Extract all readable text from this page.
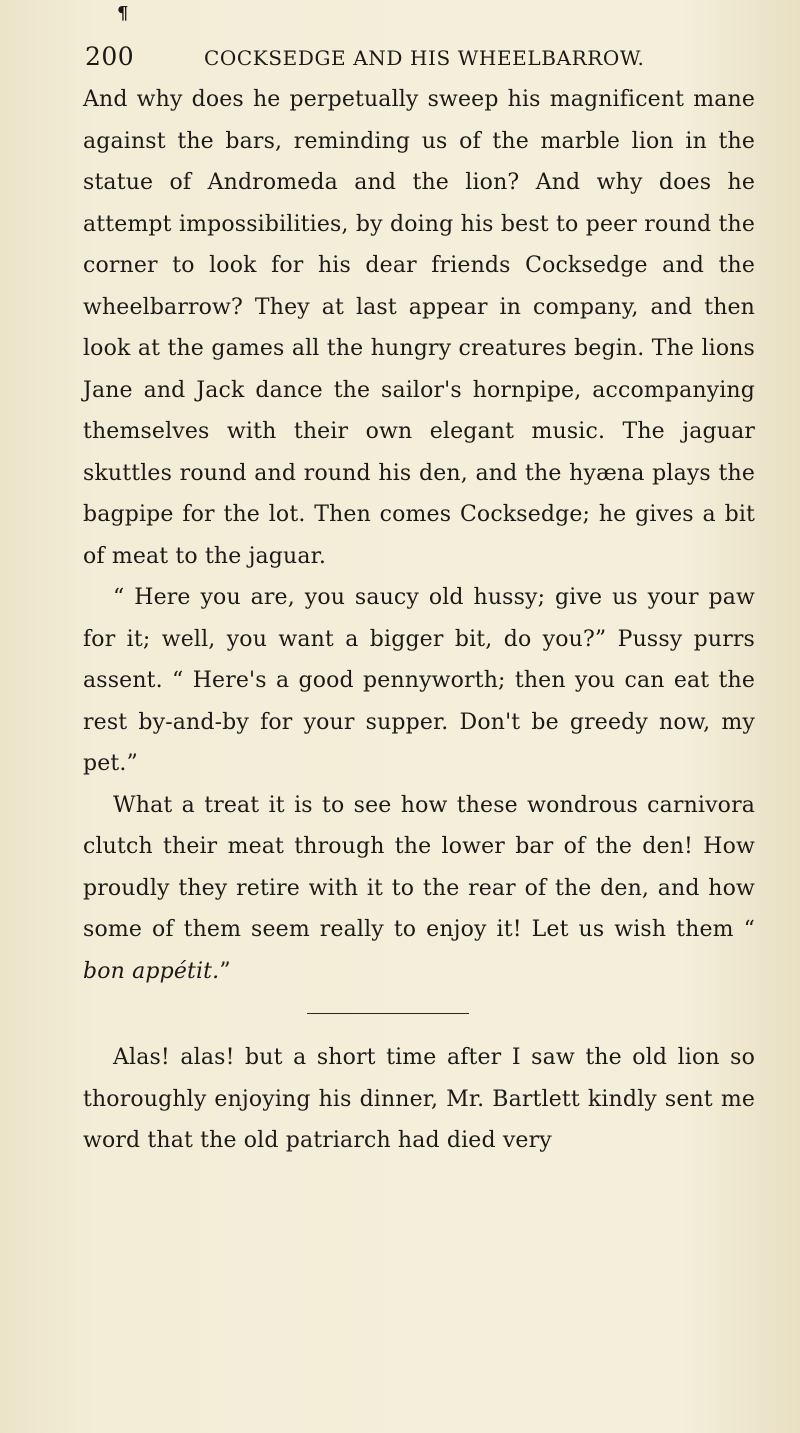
¶
200	COCKSEDGE AND HIS WHEELBARROW.

And why does he perpetually sweep his magnificent mane against the bars, reminding us of the marble lion in the statue of Andromeda and the lion? And why does he attempt impossibilities, by doing his best to peer round the corner to look for his dear friends Cocksedge and the wheelbarrow? They at last appear in company, and then look at the games all the hungry creatures begin. The lions Jane and Jack dance the sailor's hornpipe, accompanying themselves with their own elegant music. The jaguar skuttles round and round his den, and the hyæna plays the bagpipe for the lot. Then comes Cocksedge; he gives a bit of meat to the jaguar.

“ Here you are, you saucy old hussy; give us your paw for it; well, you want a bigger bit, do you?” Pussy purrs assent. “ Here's a good pennyworth; then you can eat the rest by-and-by for your supper. Don't be greedy now, my pet.”

What a treat it is to see how these wondrous carnivora clutch their meat through the lower bar of the den! How proudly they retire with it to the rear of the den, and how some of them seem really to enjoy it! Let us wish them “ bon appétit.”

Alas! alas! but a short time after I saw the old lion so thoroughly enjoying his dinner, Mr. Bartlett kindly sent me word that the old patriarch had died very
